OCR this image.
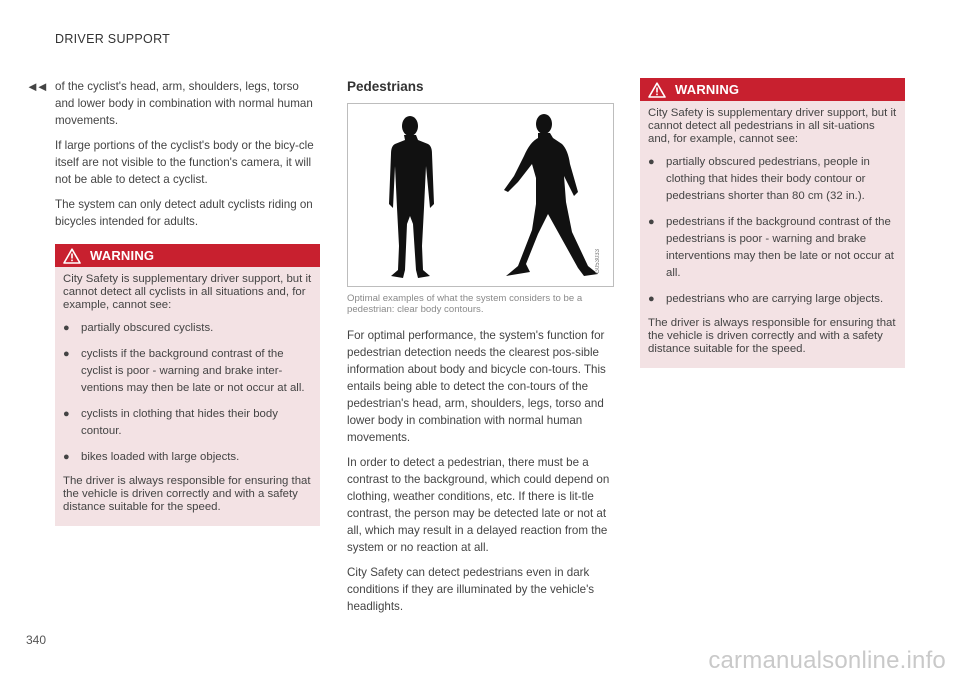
DRIVER SUPPORT
◄◄
340
carmanualsonline.info

of the cyclist's head, arm, shoulders, legs, torso and lower body in combination with normal human movements.

If large portions of the cyclist's body or the bicy-cle itself are not visible to the function's camera, it will not be able to detect a cyclist.

The system can only detect adult cyclists riding on bicycles intended for adults.

WARNING
City Safety is supplementary driver support, but it cannot detect all cyclists in all situations and, for example, cannot see:
● partially obscured cyclists.
● cyclists if the background contrast of the cyclist is poor - warning and brake inter-ventions may then be late or not occur at all.
● cyclists in clothing that hides their body contour.
● bikes loaded with large objects.
The driver is always responsible for ensuring that the vehicle is driven correctly and with a safety distance suitable for the speed.
Pedestrians
G053033
Optimal examples of what the system considers to be a pedestrian: clear body contours.

For optimal performance, the system's function for pedestrian detection needs the clearest pos-sible information about body and bicycle con-tours. This entails being able to detect the con-tours of the pedestrian's head, arm, shoulders, legs, torso and lower body in combination with normal human movements.

In order to detect a pedestrian, there must be a contrast to the background, which could depend on clothing, weather conditions, etc. If there is lit-tle contrast, the person may be detected late or not at all, which may result in a delayed reaction from the system or no reaction at all.

City Safety can detect pedestrians even in dark conditions if they are illuminated by the vehicle's headlights.

WARNING
City Safety is supplementary driver support, but it cannot detect all pedestrians in all sit-uations and, for example, cannot see:
● partially obscured pedestrians, people in clothing that hides their body contour or pedestrians shorter than 80 cm (32 in.).
● pedestrians if the background contrast of the pedestrians is poor - warning and brake interventions may then be late or not occur at all.
● pedestrians who are carrying large objects.
The driver is always responsible for ensuring that the vehicle is driven correctly and with a safety distance suitable for the speed.
